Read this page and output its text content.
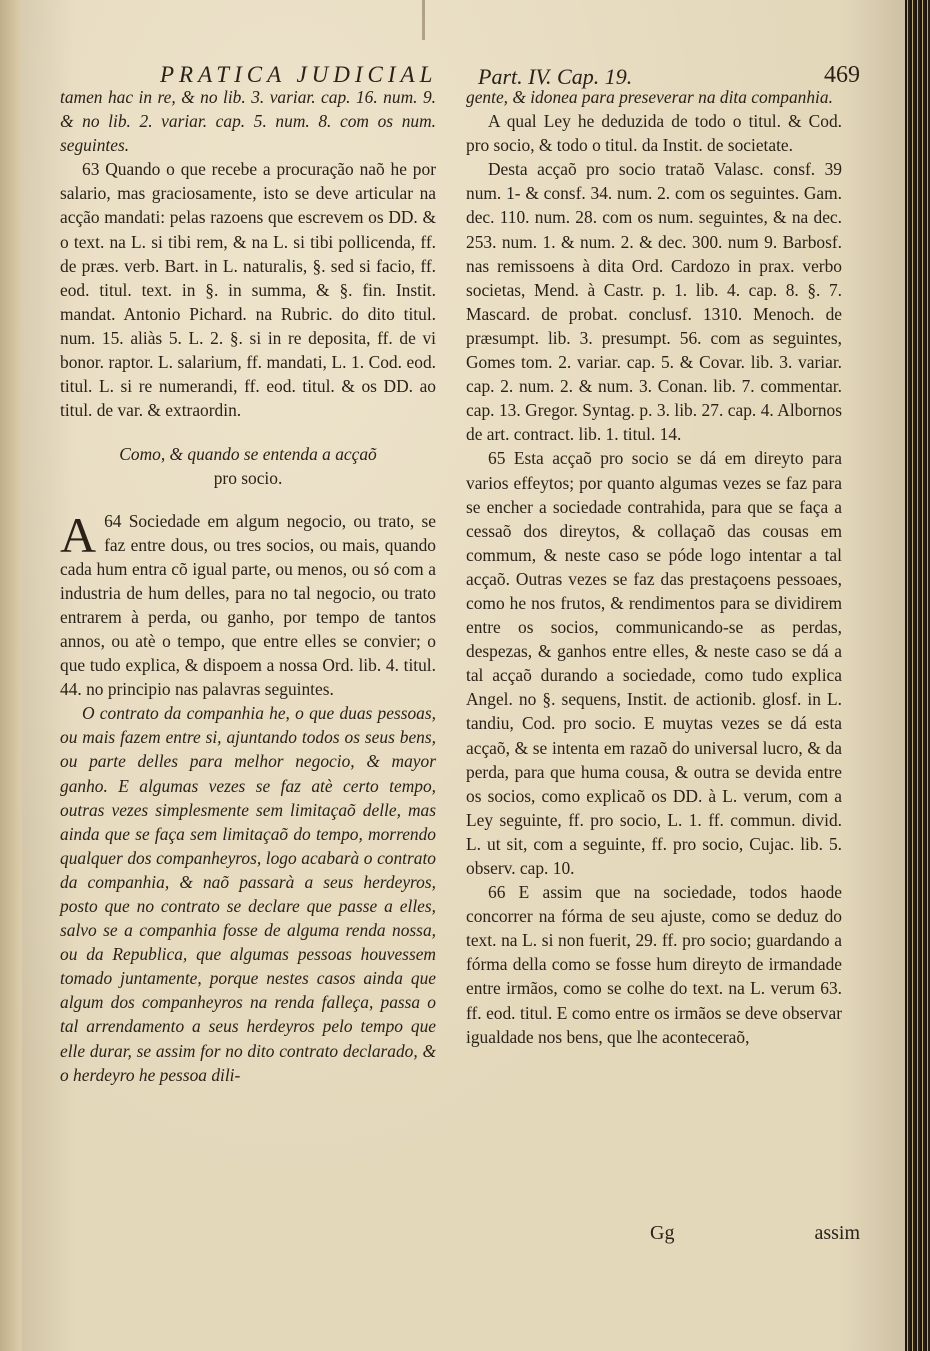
PRATICA JUDICIAL Part. IV. Cap. 19.	469

tamen hac in re, & no lib. 3. variar. cap. 16. num. 9. & no lib. 2. variar. cap. 5. num. 8. com os num. seguintes.

63 Quando o que recebe a procuração naõ he por salario, mas graciosamente, isto se deve articular na acção mandati: pelas razoens que escrevem os DD. & o text. na L. si tibi rem, & na L. si tibi pollicenda, ff. de præs. verb. Bart. in L. naturalis, §. sed si facio, ff. eod. titul. text. in §. in summa, & §. fin. Instit. mandat. Antonio Pichard. na Rubric. do dito titul. num. 15. aliàs 5. L. 2. §. si in re deposita, ff. de vi bonor. raptor. L. salarium, ff. mandati, L. 1. Cod. eod. titul. L. si re numerandi, ff. eod. titul. & os DD. ao titul. de var. & extraordin.

Como, & quando se entenda a acçaõ
pro socio.

64
A	Sociedade em algum negocio, ou trato, se faz entre dous, ou tres socios, ou mais, quando cada hum entra cõ igual parte, ou menos, ou só com a industria de hum delles, para no tal negocio, ou trato entrarem à perda, ou ganho, por tempo de tantos annos, ou atè o tempo, que entre elles se convier; o que tudo explica, & dispoem a nossa Ord. lib. 4. titul. 44. no principio nas palavras seguintes.

O contrato da companhia he, o que duas pessoas, ou mais fazem entre si, ajuntando todos os seus bens, ou parte delles para melhor negocio, & mayor ganho. E algumas vezes se faz atè certo tempo, outras vezes simplesmente sem limitaçaõ delle, mas ainda que se faça sem limitaçaõ do tempo, morrendo qualquer dos companheyros, logo acabarà o contrato da companhia, & naõ passarà a seus herdeyros, posto que no contrato se declare que passe a elles, salvo se a companhia fosse de alguma renda nossa, ou da Republica, que algumas pessoas houvessem tomado juntamente, porque nestes casos ainda que algum dos companheyros na renda falleça, passa o tal arrendamento a seus herdeyros pelo tempo que elle durar, se assim for no dito contrato declarado, & o herdeyro he pessoa dili-

gente, & idonea para preseverar na dita companhia.

A qual Ley he deduzida de todo o titul. & Cod. pro socio, & todo o titul. da Instit. de societate.

Desta acçaõ pro socio trataõ Valasc. consf. 39 num. 1- & consf. 34. num. 2. com os seguintes. Gam. dec. 110. num. 28. com os num. seguintes, & na dec. 253. num. 1. & num. 2. & dec. 300. num 9. Barbosf. nas remissoens à dita Ord. Cardozo in prax. verbo societas, Mend. à Castr. p. 1. lib. 4. cap. 8. §. 7. Mascard. de probat. conclusf. 1310. Menoch. de præsumpt. lib. 3. presumpt. 56. com as seguintes, Gomes tom. 2. variar. cap. 5. & Covar. lib. 3. variar. cap. 2. num. 2. & num. 3. Conan. lib. 7. commentar. cap. 13. Gregor. Syntag. p. 3. lib. 27. cap. 4. Albornos de art. contract. lib. 1. titul. 14.

65 Esta acçaõ pro socio se dá em direyto para varios effeytos; por quanto algumas vezes se faz para se encher a sociedade contrahida, para que se faça a cessaõ dos direytos, & collaçaõ das cousas em commum, & neste caso se póde logo intentar a tal acçaõ. Outras vezes se faz das prestaçoens pessoaes, como he nos frutos, & rendimentos para se dividirem entre os socios, communicando-se as perdas, despezas, & ganhos entre elles, & neste caso se dá a tal acçaõ durando a sociedade, como tudo explica Angel. no §. sequens, Instit. de actionib. glosf. in L. tandiu, Cod. pro socio. E muytas vezes se dá esta acçaõ, & se intenta em razaõ do universal lucro, & da perda, para que huma cousa, & outra se devida entre os socios, como explicaõ os DD. à L. verum, com a Ley seguinte, ff. pro socio, L. 1. ff. commun. divid. L. ut sit, com a seguinte, ff. pro socio, Cujac. lib. 5. observ. cap. 10.

66 E assim que na sociedade, todos haode concorrer na fórma de seu ajuste, como se deduz do text. na L. si non fuerit, 29. ff. pro socio; guardando a fórma della como se fosse hum direyto de irmandade entre irmãos, como se colhe do text. na L. verum 63. ff. eod. titul. E como entre os irmãos se deve observar igualdade nos bens, que lhe aconteceraõ,

Gg	assim
